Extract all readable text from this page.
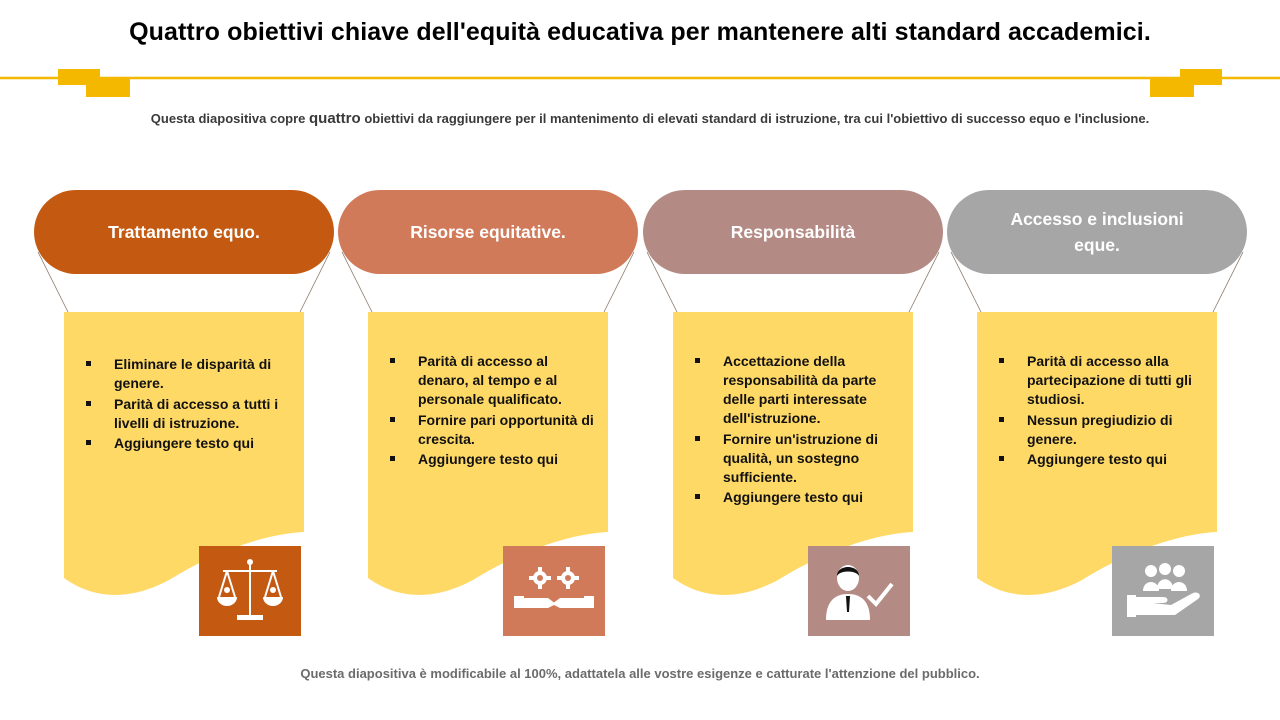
Quattro obiettivi chiave dell'equità educativa per mantenere alti standard accademici.

Questa diapositiva copre quattro obiettivi da raggiungere per il mantenimento di elevati standard di istruzione, tra cui l'obiettivo di successo equo e l'inclusione.

Trattamento equo.
Eliminare le disparità di genere.
Parità di accesso a tutti i livelli di istruzione.
Aggiungere testo qui
Risorse equitative.
Parità di accesso al denaro, al tempo e al personale qualificato.
Fornire pari opportunità di crescita.
Aggiungere testo qui
Responsabilità
Accettazione della responsabilità da parte delle parti interessate dell'istruzione.
Fornire un'istruzione di qualità, un sostegno sufficiente.
Aggiungere testo qui
Accesso e inclusioni eque.
Parità di accesso alla partecipazione di tutti gli studiosi.
Nessun pregiudizio di genere.
Aggiungere testo qui

Questa diapositiva è modificabile al 100%, adattatela alle vostre esigenze e catturate l'attenzione del pubblico.
